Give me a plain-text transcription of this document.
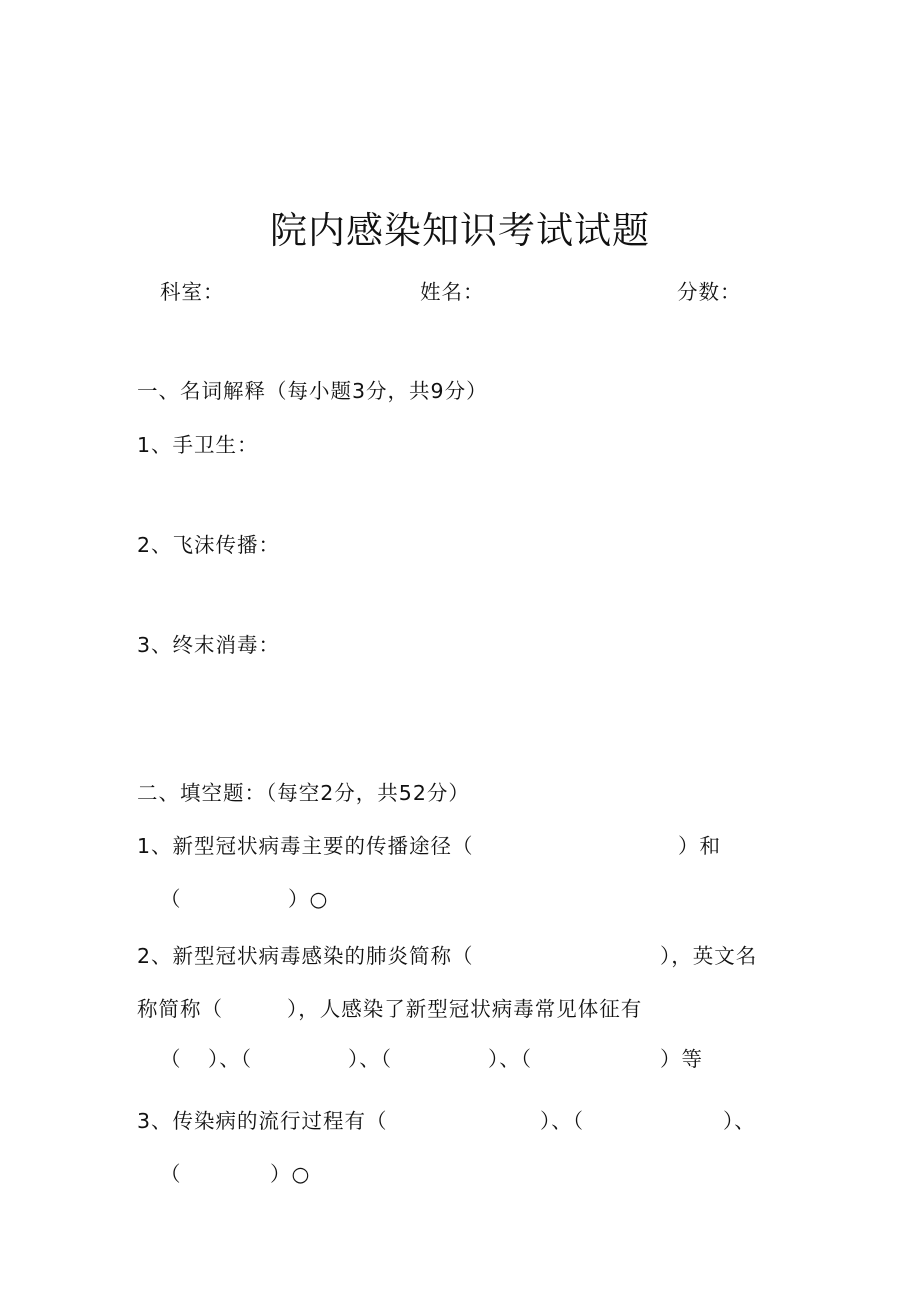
院内感染知识考试试题
科室：	姓名：	分数：
一、名词解释（每小题3分，共9分）
1、手卫生：
2、飞沫传播：
3、终末消毒：
二、填空题：（每空2分，共52分）
1、新型冠状病毒主要的传播途径（	）和
（	）○
2、新型冠状病毒感染的肺炎简称（	），英文名
称简称（	），人感染了新型冠状病毒常见体征有
（ ）、（	）、（	）、（	）等
3、传染病的流行过程有（	）、（	）、
（	）○
